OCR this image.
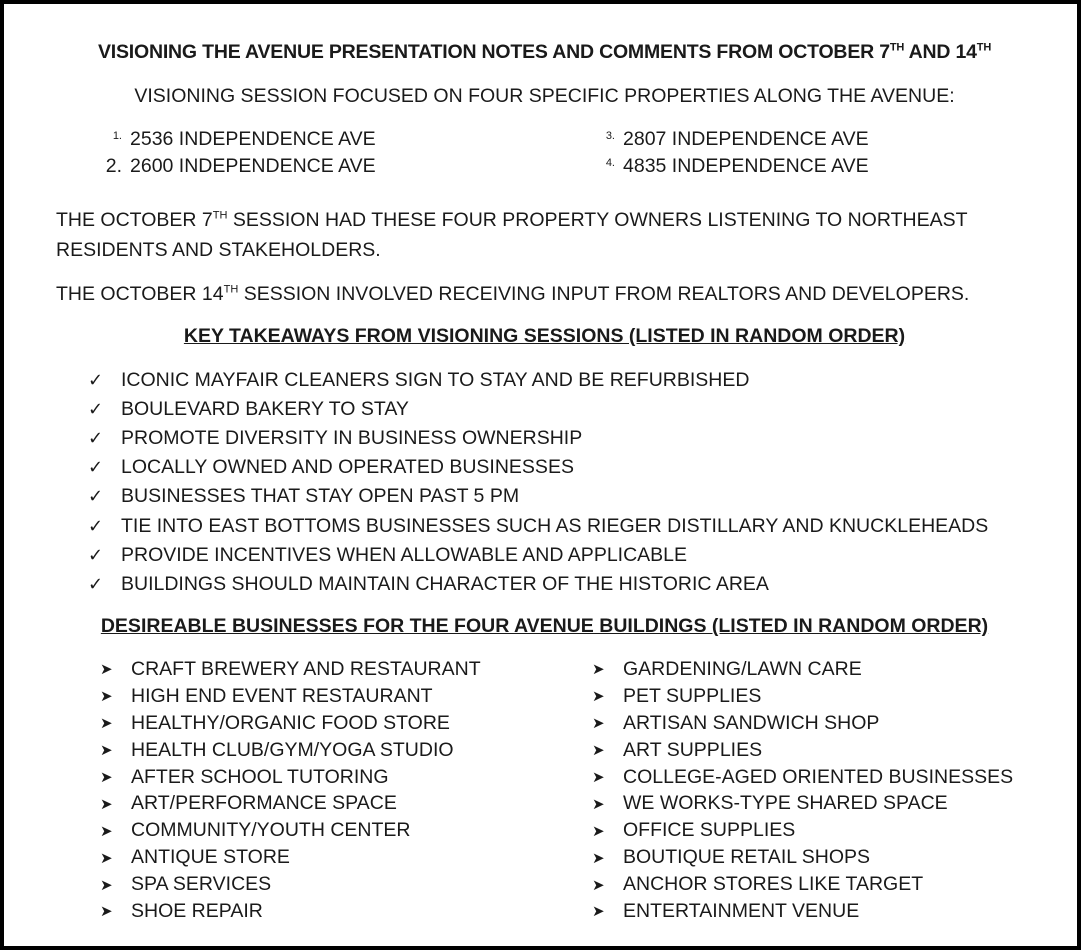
VISIONING THE AVENUE PRESENTATION NOTES AND COMMENTS FROM OCTOBER 7TH AND 14TH
VISIONING SESSION FOCUSED ON FOUR SPECIFIC PROPERTIES ALONG THE AVENUE:
1. 2536 INDEPENDENCE AVE
2. 2600 INDEPENDENCE AVE
3. 2807 INDEPENDENCE AVE
4. 4835 INDEPENDENCE AVE
THE OCTOBER 7TH SESSION HAD THESE FOUR PROPERTY OWNERS LISTENING TO NORTHEAST RESIDENTS AND STAKEHOLDERS.
THE OCTOBER 14TH SESSION INVOLVED RECEIVING INPUT FROM REALTORS AND DEVELOPERS.
KEY TAKEAWAYS FROM VISIONING SESSIONS (LISTED IN RANDOM ORDER)
✓ ICONIC MAYFAIR CLEANERS SIGN TO STAY AND BE REFURBISHED
✓ BOULEVARD BAKERY TO STAY
✓ PROMOTE DIVERSITY IN BUSINESS OWNERSHIP
✓ LOCALLY OWNED AND OPERATED BUSINESSES
✓ BUSINESSES THAT STAY OPEN PAST 5 PM
✓ TIE INTO EAST BOTTOMS BUSINESSES SUCH AS RIEGER DISTILLARY AND KNUCKLEHEADS
✓ PROVIDE INCENTIVES WHEN ALLOWABLE AND APPLICABLE
✓ BUILDINGS SHOULD MAINTAIN CHARACTER OF THE HISTORIC AREA
DESIREABLE BUSINESSES FOR THE FOUR AVENUE BUILDINGS (LISTED IN RANDOM ORDER)
➤ CRAFT BREWERY AND RESTAURANT
➤ HIGH END EVENT RESTAURANT
➤ HEALTHY/ORGANIC FOOD STORE
➤ HEALTH CLUB/GYM/YOGA STUDIO
➤ AFTER SCHOOL TUTORING
➤ ART/PERFORMANCE SPACE
➤ COMMUNITY/YOUTH CENTER
➤ ANTIQUE STORE
➤ SPA SERVICES
➤ SHOE REPAIR
➤ GARDENING/LAWN CARE
➤ PET SUPPLIES
➤ ARTISAN SANDWICH SHOP
➤ ART SUPPLIES
➤ COLLEGE-AGED ORIENTED BUSINESSES
➤ WE WORKS-TYPE SHARED SPACE
➤ OFFICE SUPPLIES
➤ BOUTIQUE RETAIL SHOPS
➤ ANCHOR STORES LIKE TARGET
➤ ENTERTAINMENT VENUE
